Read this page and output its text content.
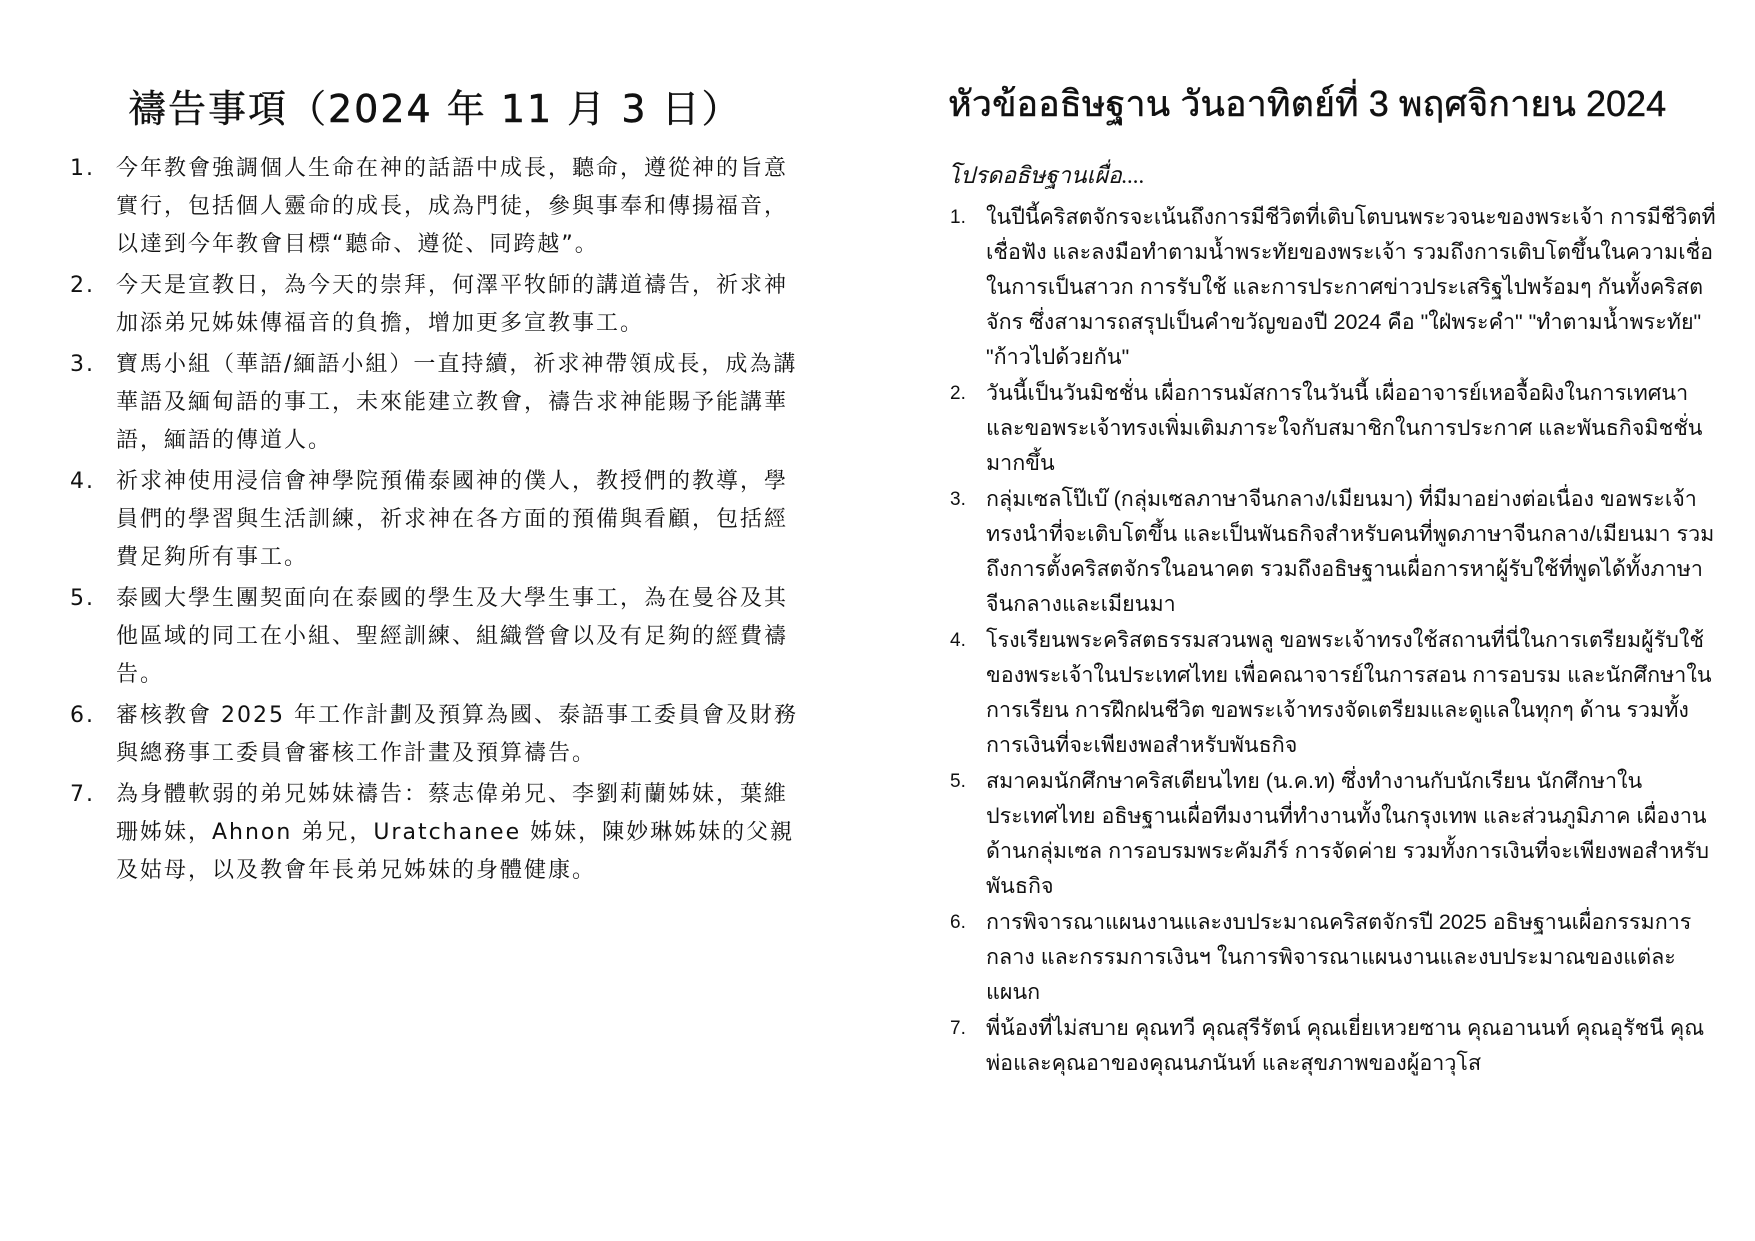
禱告事項（2024 年 11 月 3 日）
1. 今年教會強調個人生命在神的話語中成長，聽命，遵從神的旨意實行，包括個人靈命的成長，成為門徒，參與事奉和傳揚福音，以達到今年教會目標“聽命、遵從、同跨越”。
2. 今天是宣教日，為今天的崇拜，何澤平牧師的講道禱告，祈求神加添弟兄姊妹傳福音的負擔，增加更多宣教事工。
3. 寶馬小組（華語/緬語小組）一直持續，祈求神帶領成長，成為講華語及緬甸語的事工，未來能建立教會，禱告求神能賜予能講華語，緬語的傳道人。
4. 祈求神使用浸信會神學院預備泰國神的僕人，教授們的教導，學員們的學習與生活訓練，祈求神在各方面的預備與看顧，包括經費足夠所有事工。
5. 泰國大學生團契面向在泰國的學生及大學生事工，為在曼谷及其他區域的同工在小組、聖經訓練、組織營會以及有足夠的經費禱告。
6. 審核教會 2025 年工作計劃及預算為國、泰語事工委員會及財務與總務事工委員會審核工作計畫及預算禱告。
7. 為身體軟弱的弟兄姊妹禱告：蔡志偉弟兄、李劉莉蘭姊妹，葉維珊姊妹，Ahnon 弟兄，Uratchanee 姊妹，陳妙琳姊妹的父親及姑母，以及教會年長弟兄姊妹的身體健康。
หัวข้ออธิษฐาน วันอาทิตย์ที่ 3 พฤศจิกายน 2024
โปรดอธิษฐานเผื่อ....
1. ในปีนี้คริสตจักรจะเน้นถึงการมีชีวิตที่เติบโตบนพระวจนะของพระเจ้า การมีชีวิตที่เชื่อฟัง และลงมือทำตามน้ำพระทัยของพระเจ้า รวมถึงการเติบโตขึ้นในความเชื่อ ในการเป็นสาวก การรับใช้ และการประกาศข่าวประเสริฐไปพร้อมๆ กันทั้งคริสตจักร ซึ่งสามารถสรุปเป็นคำขวัญของปี 2024 คือ "ใฝ่พระคำ" "ทำตามน้ำพระทัย" "ก้าวไปด้วยกัน"
2. วันนี้เป็นวันมิชชั่น เผื่อการนมัสการในวันนี้ เผื่ออาจารย์เหอจื้อผิงในการเทศนา และขอพระเจ้าทรงเพิ่มเติมภาระใจกับสมาชิกในการประกาศ และพันธกิจมิชชั่นมากขึ้น
3. กลุ่มเซลโป๊เบ๊ (กลุ่มเซลภาษาจีนกลาง/เมียนมา) ที่มีมาอย่างต่อเนื่อง ขอพระเจ้าทรงนำที่จะเติบโตขึ้น และเป็นพันธกิจสำหรับคนที่พูดภาษาจีนกลาง/เมียนมา รวมถึงการตั้งคริสตจักรในอนาคต รวมถึงอธิษฐานเผื่อการหาผู้รับใช้ที่พูดได้ทั้งภาษาจีนกลางและเมียนมา
4. โรงเรียนพระคริสตธรรมสวนพลู ขอพระเจ้าทรงใช้สถานที่นี่ในการเตรียมผู้รับใช้ของพระเจ้าในประเทศไทย เพื่อคณาจารย์ในการสอน การอบรม และนักศึกษาในการเรียน การฝึกฝนชีวิต ขอพระเจ้าทรงจัดเตรียมและดูแลในทุกๆ ด้าน รวมทั้งการเงินที่จะเพียงพอสำหรับพันธกิจ
5. สมาคมนักศึกษาคริสเตียนไทย (น.ค.ท) ซึ่งทำงานกับนักเรียน นักศึกษาในประเทศไทย อธิษฐานเผื่อทีมงานที่ทำงานทั้งในกรุงเทพ และส่วนภูมิภาค เผื่องานด้านกลุ่มเซล การอบรมพระคัมภีร์ การจัดค่าย รวมทั้งการเงินที่จะเพียงพอสำหรับพันธกิจ
6. การพิจารณาแผนงานและงบประมาณคริสตจักรปี 2025 อธิษฐานเผื่อกรรมการกลาง และกรรมการเงินฯ ในการพิจารณาแผนงานและงบประมาณของแต่ละแผนก
7. พี่น้องที่ไม่สบาย คุณทวี คุณสุรีรัตน์ คุณเยี่ยเหวยซาน คุณอานนท์ คุณอุรัชนี คุณพ่อและคุณอาของคุณนภนันท์ และสุขภาพของผู้อาวุโส
